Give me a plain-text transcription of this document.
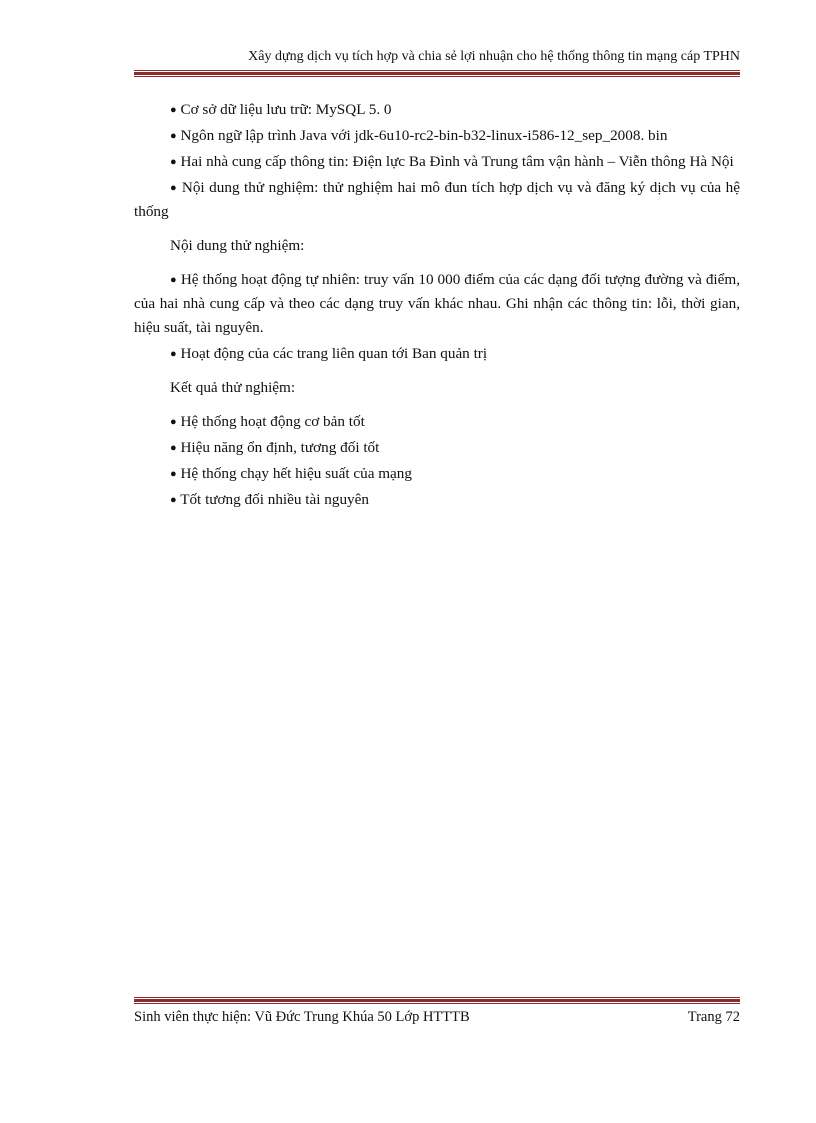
Xây dựng dịch vụ tích hợp và chia sẻ lợi nhuận cho hệ thống thông tin mạng cáp TPHN

● Cơ sở dữ liệu lưu trữ: MySQL 5. 0

● Ngôn ngữ lập trình Java với jdk-6u10-rc2-bin-b32-linux-i586-12_sep_2008. bin

● Hai nhà cung cấp thông tin: Điện lực Ba Đình và Trung tâm vận hành – Viễn thông Hà Nội

● Nội dung thử nghiệm: thử nghiệm hai mô đun tích hợp dịch vụ và đăng ký dịch vụ của hệ thống

Nội dung thử nghiệm:

● Hệ thống hoạt động tự nhiên: truy vấn 10 000 điểm của các dạng đối tượng đường và điểm, của hai nhà cung cấp và theo các dạng truy vấn khác nhau. Ghi nhận các thông tin: lỗi, thời gian, hiệu suất, tài nguyên.

● Hoạt động của các trang liên quan tới Ban quản trị

Kết quả thử nghiệm:

● Hệ thống hoạt động cơ bản tốt

● Hiệu năng ổn định, tương đối tốt

● Hệ thống chạy hết hiệu suất của mạng

● Tốt tương đối nhiều tài nguyên

Sinh viên thực hiện: Vũ Đức Trung Khúa 50 Lớp HTTTB	Trang 72
